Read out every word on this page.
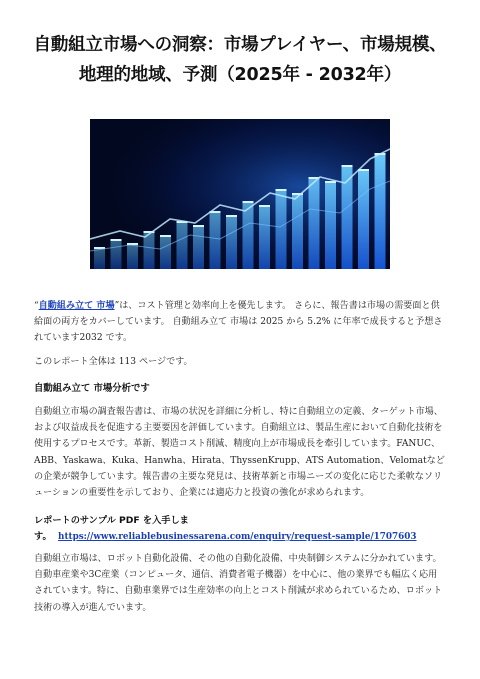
自動組立市場への洞察：市場プレイヤー、市場規模、地理的地域、予測（2025年 - 2032年）

“自動組み立て 市場”は、コスト管理と効率向上を優先します。 さらに、報告書は市場の需要面と供給面の両方をカバーしています。 自動組み立て 市場は 2025 から 5.2% に年率で成長すると予想されています2032 です。

このレポート全体は 113 ページです。

自動組み立て 市場分析です

自動組立市場の調査報告書は、市場の状況を詳細に分析し、特に自動組立の定義、ターゲット市場、および収益成長を促進する主要要因を評価しています。自動組立は、製品生産において自動化技術を使用するプロセスです。革新、製造コスト削減、精度向上が市場成長を牽引しています。FANUC、ABB、Yaskawa、Kuka、Hanwha、Hirata、ThyssenKrupp、ATS Automation、Velomatなどの企業が競争しています。報告書の主要な発見は、技術革新と市場ニーズの変化に応じた柔軟なソリューションの重要性を示しており、企業には適応力と投資の強化が求められます。

レポートのサンプル PDF を入手しま
す。 https://www.reliablebusinessarena.com/enquiry/request-sample/1707603

自動組立市場は、ロボット自動化設備、その他の自動化設備、中央制御システムに分かれています。自動車産業や3C産業（コンピュータ、通信、消費者電子機器）を中心に、他の業界でも幅広く応用されています。特に、自動車業界では生産効率の向上とコスト削減が求められているため、ロボット技術の導入が進んでいます。
